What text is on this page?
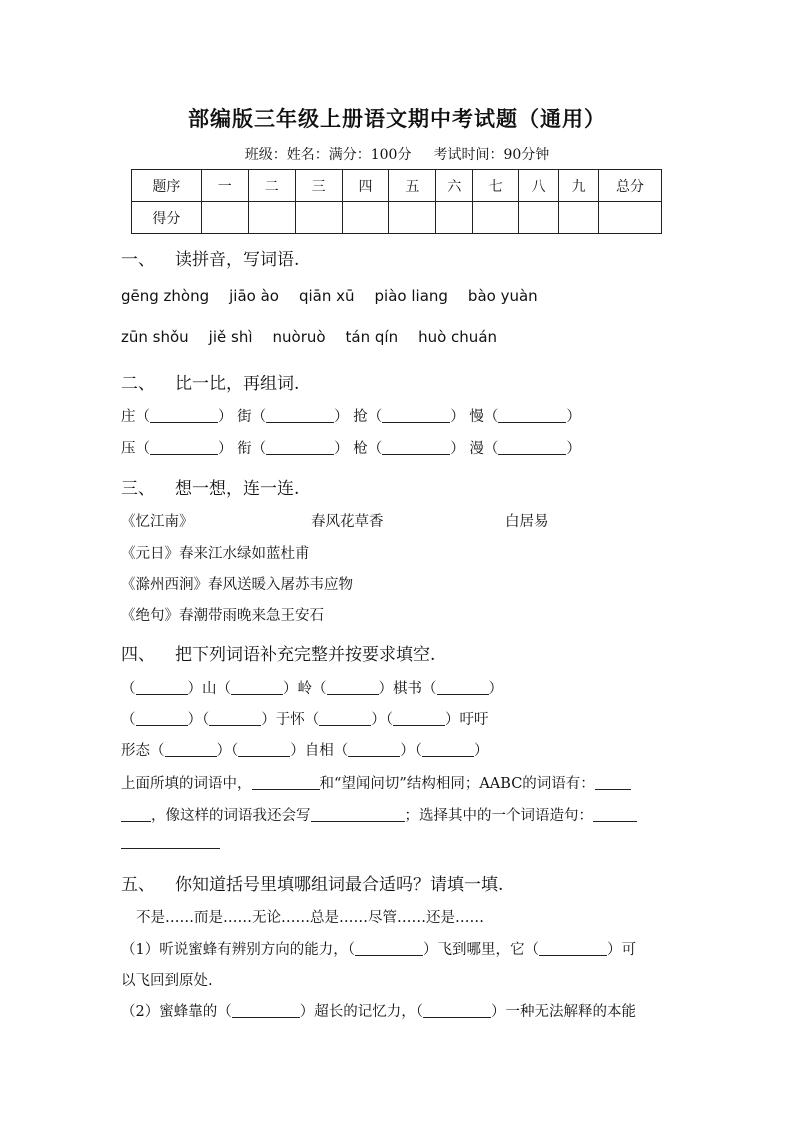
部编版三年级上册语文期中考试题（通用）
班级：姓名：满分：100分 考试时间：90分钟
题序	一	二	三	四	五	六	七	八	九	总分
得分										
一、 读拼音，写词语.
gēng zhòng jiāo ào qiān xū piào liang bào yuàn
zūn shǒu jiě shì nuòruò tán qín huò chuán
二、 比一比，再组词.
庄（	） 街（	） 抢（	） 慢（	）
压（	） 衔（	） 枪（	） 漫（	）
三、 想一想，连一连.
《忆江南》	春风花草香	白居易
《元日》春来江水绿如蓝杜甫
《滁州西涧》春风送暖入屠苏韦应物
《绝句》春潮带雨晚来急王安石
四、 把下列词语补充完整并按要求填空.
（	）山（	）岭（	）棋书（	）
（	）（	）于怀（	）（	）吁吁
形态（	）（	）自相（	）（	）
上面所填的词语中，	和“望闻问切”结构相同；AABC的词语有：
，像这样的词语我还会写	；选择其中的一个词语造句：
五、 你知道括号里填哪组词最合适吗？请填一填.
不是……而是……无论……总是……尽管……还是……
（1）听说蜜蜂有辨别方向的能力，（	）飞到哪里，它（	）可
以飞回到原处.
（2）蜜蜂靠的（	）超长的记忆力，（	）一种无法解释的本能
